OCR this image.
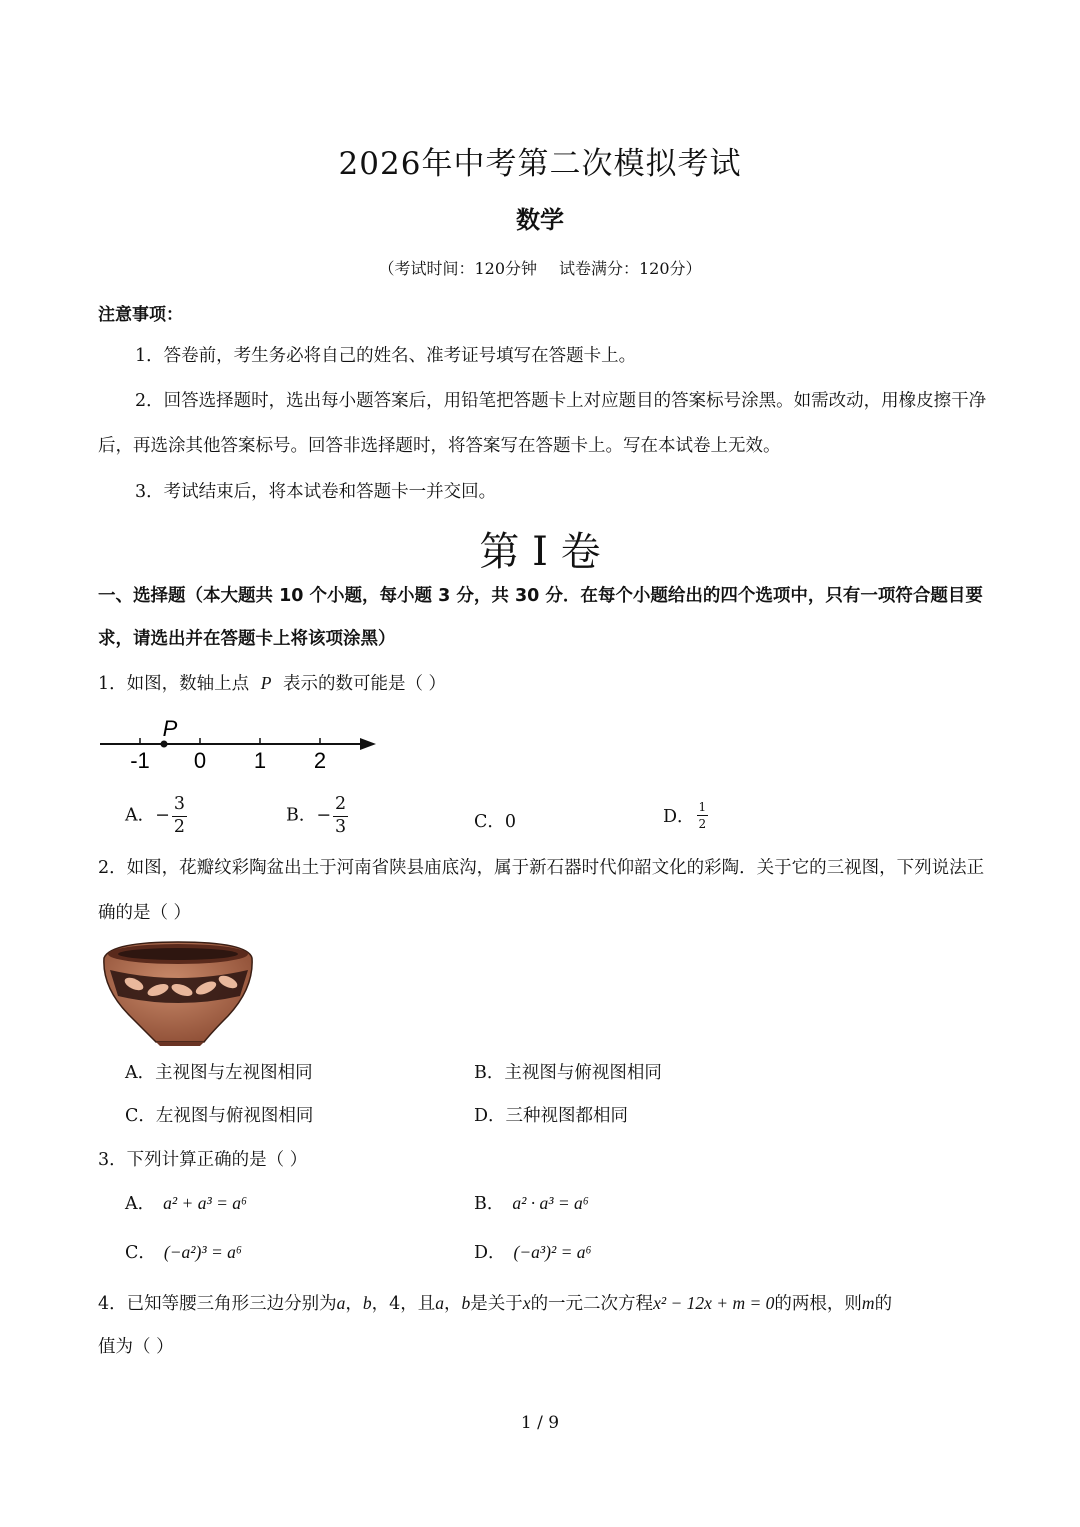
2026年中考第二次模拟考试
数学
（考试时间：120分钟 试卷满分：120分）
注意事项：
1．答卷前，考生务必将自己的姓名、准考证号填写在答题卡上。
2．回答选择题时，选出每小题答案后，用铅笔把答题卡上对应题目的答案标号涂黑。如需改动，用橡皮擦干净后，再选涂其他答案标号。回答非选择题时，将答案写在答题卡上。写在本试卷上无效。
3．考试结束后，将本试卷和答题卡一并交回。
第 I 卷
一、选择题（本大题共 10 个小题，每小题 3 分，共 30 分．在每个小题给出的四个选项中，只有一项符合题目要求，请选出并在答题卡上将该项涂黑）
1．如图，数轴上点 P 表示的数可能是（ ）
-1 0 1 2
P
A．− $\frac{3}{2}$	B．− $\frac{2}{3}$	C．0	D． $\frac{1}{2}$
2．如图，花瓣纹彩陶盆出土于河南省陕县庙底沟，属于新石器时代仰韶文化的彩陶．关于它的三视图，下列说法正确的是（ ）
A．主视图与左视图相同	B．主视图与俯视图相同
C．左视图与俯视图相同	D．三种视图都相同
3．下列计算正确的是（ ）
A． a² + a³ = a⁶	B． a² · a³ = a⁶
C． (−a²)³ = a⁶	D． (−a³)² = a⁶
4．已知等腰三角形三边分别为a，b，4，且a，b是关于x的一元二次方程x² − 12x + m = 0的两根，则m的
值为（ ）
1 / 9
